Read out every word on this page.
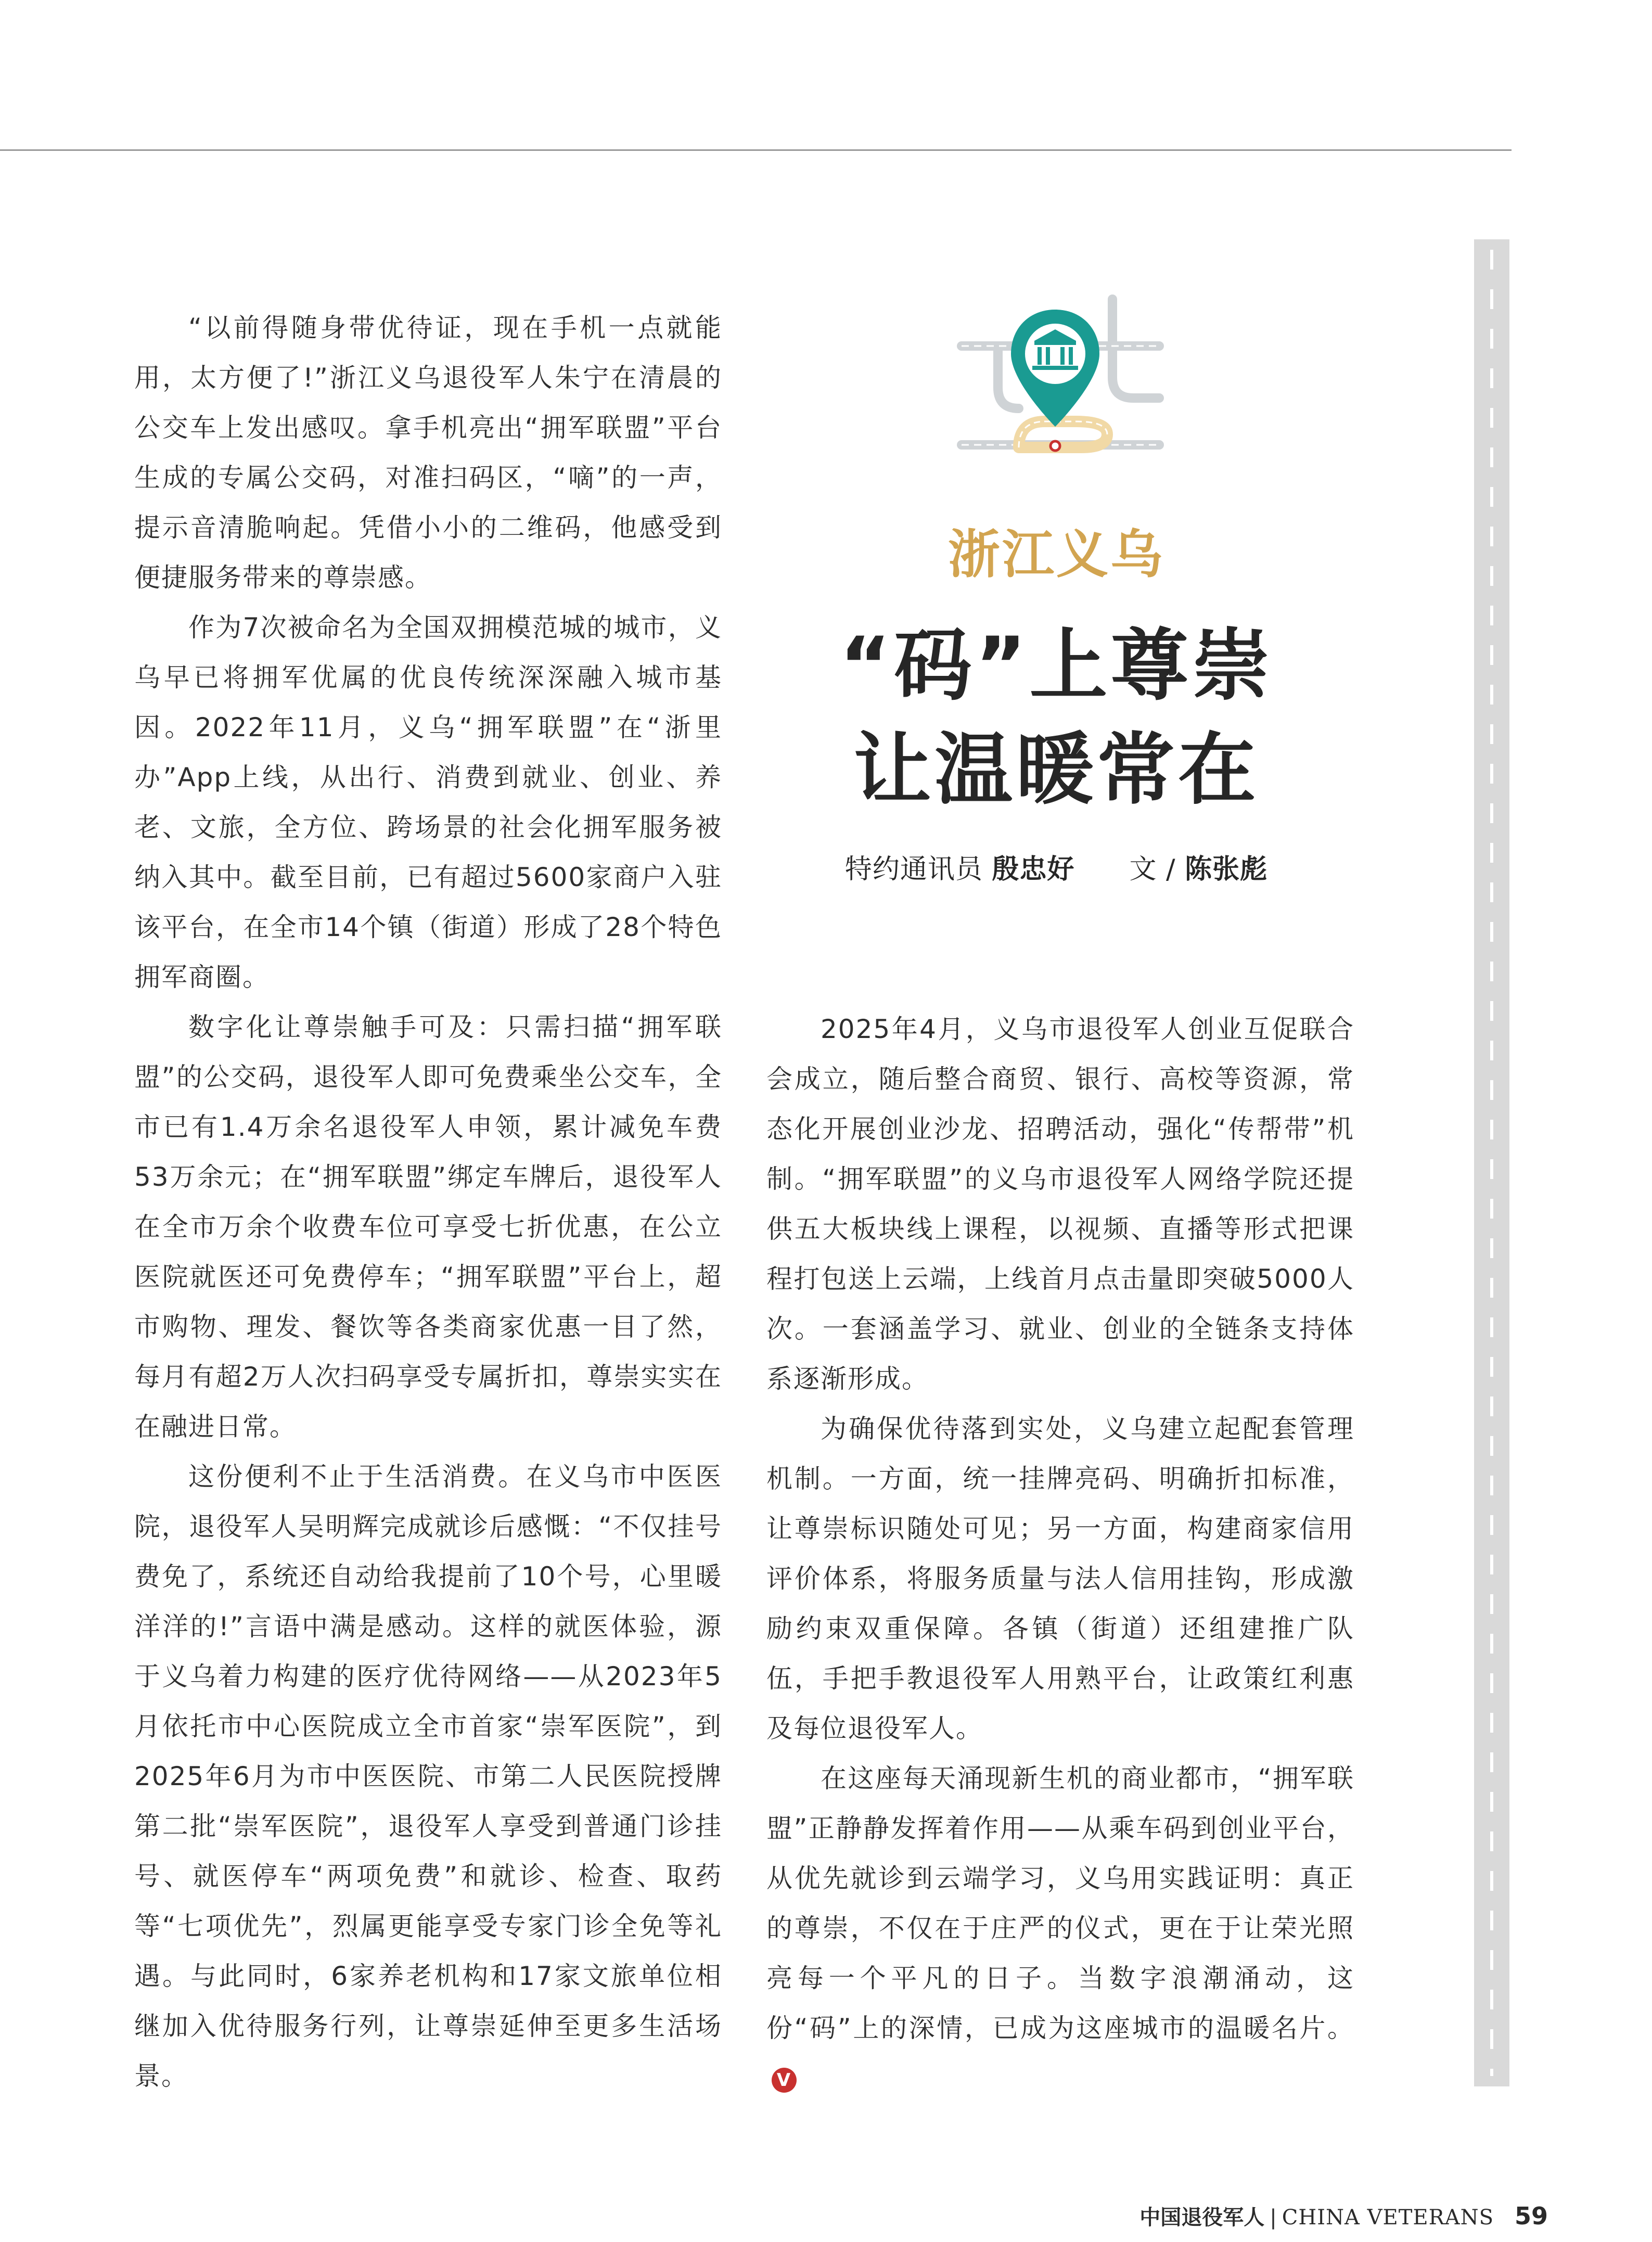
“以前得随身带优待证，现在手机一点就能用，太方便了!”浙江义乌退役军人朱宁在清晨的公交车上发出感叹。拿手机亮出“拥军联盟”平台生成的专属公交码，对准扫码区，“嘀”的一声，提示音清脆响起。凭借小小的二维码，他感受到便捷服务带来的尊崇感。

作为7次被命名为全国双拥模范城的城市，义乌早已将拥军优属的优良传统深深融入城市基因。2022年11月，义乌“拥军联盟”在“浙里办”App上线，从出行、消费到就业、创业、养老、文旅，全方位、跨场景的社会化拥军服务被纳入其中。截至目前，已有超过5600家商户入驻该平台，在全市14个镇（街道）形成了28个特色拥军商圈。

数字化让尊崇触手可及：只需扫描“拥军联盟”的公交码，退役军人即可免费乘坐公交车，全市已有1.4万余名退役军人申领，累计减免车费53万余元；在“拥军联盟”绑定车牌后，退役军人在全市万余个收费车位可享受七折优惠，在公立医院就医还可免费停车；“拥军联盟”平台上，超市购物、理发、餐饮等各类商家优惠一目了然，每月有超2万人次扫码享受专属折扣，尊崇实实在在融进日常。

这份便利不止于生活消费。在义乌市中医医院，退役军人吴明辉完成就诊后感慨：“不仅挂号费免了，系统还自动给我提前了10个号，心里暖洋洋的!”言语中满是感动。这样的就医体验，源于义乌着力构建的医疗优待网络——从2023年5月依托市中心医院成立全市首家“崇军医院”，到2025年6月为市中医医院、市第二人民医院授牌第二批“崇军医院”，退役军人享受到普通门诊挂号、就医停车“两项免费”和就诊、检查、取药等“七项优先”，烈属更能享受专家门诊全免等礼遇。与此同时，6家养老机构和17家文旅单位相继加入优待服务行列，让尊崇延伸至更多生活场景。

浙江义乌
“码”上尊崇
让温暖常在
特约通讯员 殷忠好 文 / 陈张彪

2025年4月，义乌市退役军人创业互促联合会成立，随后整合商贸、银行、高校等资源，常态化开展创业沙龙、招聘活动，强化“传帮带”机制。“拥军联盟”的义乌市退役军人网络学院还提供五大板块线上课程，以视频、直播等形式把课程打包送上云端，上线首月点击量即突破5000人次。一套涵盖学习、就业、创业的全链条支持体系逐渐形成。

为确保优待落到实处，义乌建立起配套管理机制。一方面，统一挂牌亮码、明确折扣标准，让尊崇标识随处可见；另一方面，构建商家信用评价体系，将服务质量与法人信用挂钩，形成激励约束双重保障。各镇（街道）还组建推广队伍，手把手教退役军人用熟平台，让政策红利惠及每位退役军人。

在这座每天涌现新生机的商业都市，“拥军联盟”正静静发挥着作用——从乘车码到创业平台，从优先就诊到云端学习，义乌用实践证明：真正的尊崇，不仅在于庄严的仪式，更在于让荣光照亮每一个平凡的日子。当数字浪潮涌动，这份“码”上的深情，已成为这座城市的温暖名片。V

中国退役军人 | CHINA VETERANS 59
